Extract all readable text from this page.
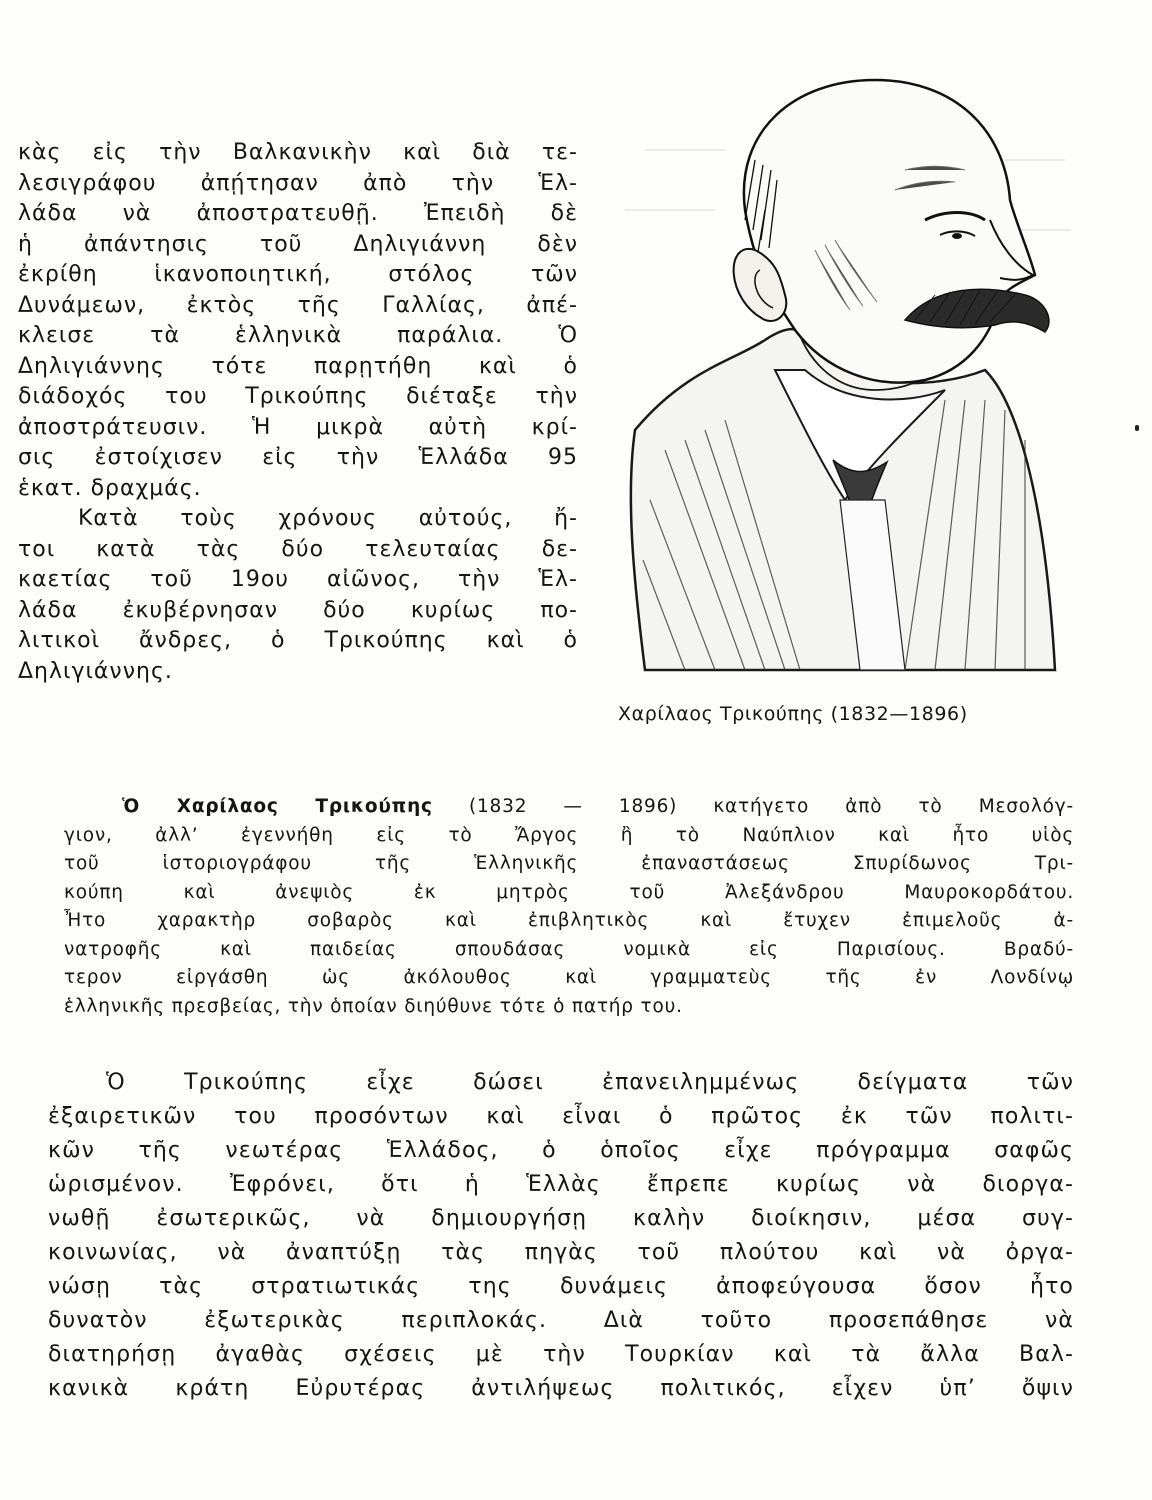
κὰς εἰς τὴν Βαλκανικὴν καὶ διὰ τε-
λεσιγράφου ἀπῄτησαν ἀπὸ τὴν Ἑλ-
λάδα νὰ ἀποστρατευθῇ. Ἐπειδὴ δὲ
ἡ ἀπάντησις τοῦ Δηλιγιάννη δὲν
ἐκρίθη ἱκανοποιητική, στόλος τῶν
Δυνάμεων, ἐκτὸς τῆς Γαλλίας, ἀπέ-
κλεισε τὰ ἑλληνικὰ παράλια. Ὁ
Δηλιγιάννης τότε παρῃτήθη καὶ ὁ
διάδοχός του Τρικούπης διέταξε τὴν
ἀποστράτευσιν. Ἡ μικρὰ αὐτὴ κρί-
σις ἐστοίχισεν εἰς τὴν Ἑλλάδα 95
ἑκατ. δραχμάς.
Κατὰ τοὺς χρόνους αὐτούς, ἤ-
τοι κατὰ τὰς δύο τελευταίας δε-
καετίας τοῦ 19ου αἰῶνος, τὴν Ἑλ-
λάδα ἐκυβέρνησαν δύο κυρίως πο-
λιτικοὶ ἄνδρες, ὁ Τρικούπης καὶ ὁ
Δηλιγιάννης.
Χαρίλαος Τρικούπης (1832—1896)
Ὁ Χαρίλαος Τρικούπης (1832 — 1896) κατήγετο ἀπὸ τὸ Μεσολόγ-
γιον, ἀλλ’ ἐγεννήθη εἰς τὸ Ἄργος ἢ τὸ Ναύπλιον καὶ ἦτο υἱὸς
τοῦ ἱστοριογράφου τῆς Ἑλληνικῆς ἐπαναστάσεως Σπυρίδωνος Τρι-
κούπη καὶ ἀνεψιὸς ἐκ μητρὸς τοῦ Ἀλεξάνδρου Μαυροκορδάτου.
Ἦτο χαρακτὴρ σοβαρὸς καὶ ἐπιβλητικὸς καὶ ἔτυχεν ἐπιμελοῦς ἀ-
νατροφῆς καὶ παιδείας σπουδάσας νομικὰ εἰς Παρισίους. Βραδύ-
τερον εἰργάσθη ὡς ἀκόλουθος καὶ γραμματεὺς τῆς ἐν Λονδίνῳ
ἑλληνικῆς πρεσβείας, τὴν ὁποίαν διηύθυνε τότε ὁ πατήρ του.
Ὁ Τρικούπης εἶχε δώσει ἐπανειλημμένως δείγματα τῶν
ἐξαιρετικῶν του προσόντων καὶ εἶναι ὁ πρῶτος ἐκ τῶν πολιτι-
κῶν τῆς νεωτέρας Ἑλλάδος, ὁ ὁποῖος εἶχε πρόγραμμα σαφῶς
ὡρισμένον. Ἐφρόνει, ὅτι ἡ Ἑλλὰς ἔπρεπε κυρίως νὰ διοργα-
νωθῇ ἐσωτερικῶς, νὰ δημιουργήσῃ καλὴν διοίκησιν, μέσα συγ-
κοινωνίας, νὰ ἀναπτύξῃ τὰς πηγὰς τοῦ πλούτου καὶ νὰ ὀργα-
νώσῃ τὰς στρατιωτικάς της δυνάμεις ἀποφεύγουσα ὅσον ἦτο
δυνατὸν ἐξωτερικὰς περιπλοκάς. Διὰ τοῦτο προσεπάθησε νὰ
διατηρήσῃ ἀγαθὰς σχέσεις μὲ τὴν Τουρκίαν καὶ τὰ ἄλλα Βαλ-
κανικὰ κράτη Εὐρυτέρας ἀντιλήψεως πολιτικός, εἶχεν ὑπ’ ὄψιν
